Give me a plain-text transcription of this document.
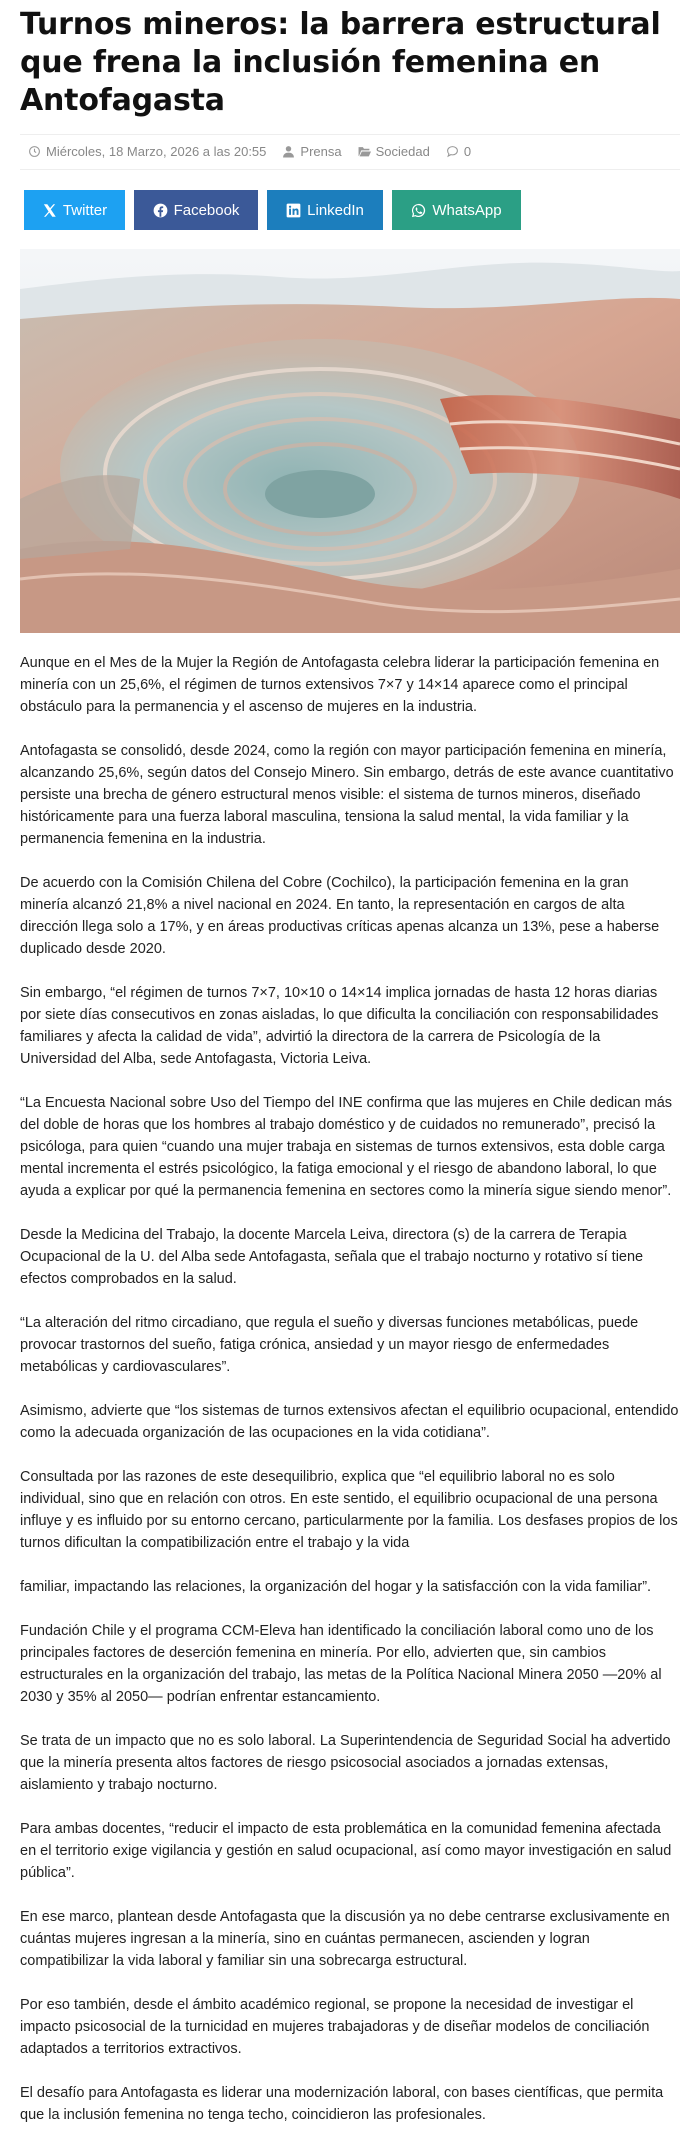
Turnos mineros: la barrera estructural que frena la inclusión femenina en Antofagasta
Miércoles, 18 Marzo, 2026 a las 20:55	Prensa	Sociedad	0
Twitter	Facebook	LinkedIn	WhatsApp

Aunque en el Mes de la Mujer la Región de Antofagasta celebra liderar la participación femenina en minería con un 25,6%, el régimen de turnos extensivos 7×7 y 14×14 aparece como el principal obstáculo para la permanencia y el ascenso de mujeres en la industria.

Antofagasta se consolidó, desde 2024, como la región con mayor participación femenina en minería, alcanzando 25,6%, según datos del Consejo Minero. Sin embargo, detrás de este avance cuantitativo persiste una brecha de género estructural menos visible: el sistema de turnos mineros, diseñado históricamente para una fuerza laboral masculina, tensiona la salud mental, la vida familiar y la permanencia femenina en la industria.

De acuerdo con la Comisión Chilena del Cobre (Cochilco), la participación femenina en la gran minería alcanzó 21,8% a nivel nacional en 2024. En tanto, la representación en cargos de alta dirección llega solo a 17%, y en áreas productivas críticas apenas alcanza un 13%, pese a haberse duplicado desde 2020.

Sin embargo, “el régimen de turnos 7×7, 10×10 o 14×14 implica jornadas de hasta 12 horas diarias por siete días consecutivos en zonas aisladas, lo que dificulta la conciliación con responsabilidades familiares y afecta la calidad de vida”, advirtió la directora de la carrera de Psicología de la Universidad del Alba, sede Antofagasta, Victoria Leiva.

“La Encuesta Nacional sobre Uso del Tiempo del INE confirma que las mujeres en Chile dedican más del doble de horas que los hombres al trabajo doméstico y de cuidados no remunerado”, precisó la psicóloga, para quien “cuando una mujer trabaja en sistemas de turnos extensivos, esta doble carga mental incrementa el estrés psicológico, la fatiga emocional y el riesgo de abandono laboral, lo que ayuda a explicar por qué la permanencia femenina en sectores como la minería sigue siendo menor”.

Desde la Medicina del Trabajo, la docente Marcela Leiva, directora (s) de la carrera de Terapia Ocupacional de la U. del Alba sede Antofagasta, señala que el trabajo nocturno y rotativo sí tiene efectos comprobados en la salud.

“La alteración del ritmo circadiano, que regula el sueño y diversas funciones metabólicas, puede provocar trastornos del sueño, fatiga crónica, ansiedad y un mayor riesgo de enfermedades metabólicas y cardiovasculares”.

Asimismo, advierte que “los sistemas de turnos extensivos afectan el equilibrio ocupacional, entendido como la adecuada organización de las ocupaciones en la vida cotidiana”.

Consultada por las razones de este desequilibrio, explica que “el equilibrio laboral no es solo individual, sino que en relación con otros. En este sentido, el equilibrio ocupacional de una persona influye y es influido por su entorno cercano, particularmente por la familia. Los desfases propios de los turnos dificultan la compatibilización entre el trabajo y la vida

familiar, impactando las relaciones, la organización del hogar y la satisfacción con la vida familiar”.

Fundación Chile y el programa CCM-Eleva han identificado la conciliación laboral como uno de los principales factores de deserción femenina en minería. Por ello, advierten que, sin cambios estructurales en la organización del trabajo, las metas de la Política Nacional Minera 2050 —20% al 2030 y 35% al 2050— podrían enfrentar estancamiento.

Se trata de un impacto que no es solo laboral. La Superintendencia de Seguridad Social ha advertido que la minería presenta altos factores de riesgo psicosocial asociados a jornadas extensas, aislamiento y trabajo nocturno.

Para ambas docentes, “reducir el impacto de esta problemática en la comunidad femenina afectada en el territorio exige vigilancia y gestión en salud ocupacional, así como mayor investigación en salud pública”.

En ese marco, plantean desde Antofagasta que la discusión ya no debe centrarse exclusivamente en cuántas mujeres ingresan a la minería, sino en cuántas permanecen, ascienden y logran compatibilizar la vida laboral y familiar sin una sobrecarga estructural.

Por eso también, desde el ámbito académico regional, se propone la necesidad de investigar el impacto psicosocial de la turnicidad en mujeres trabajadoras y de diseñar modelos de conciliación adaptados a territorios extractivos.

El desafío para Antofagasta es liderar una modernización laboral, con bases científicas, que permita que la inclusión femenina no tenga techo, coincidieron las profesionales.
